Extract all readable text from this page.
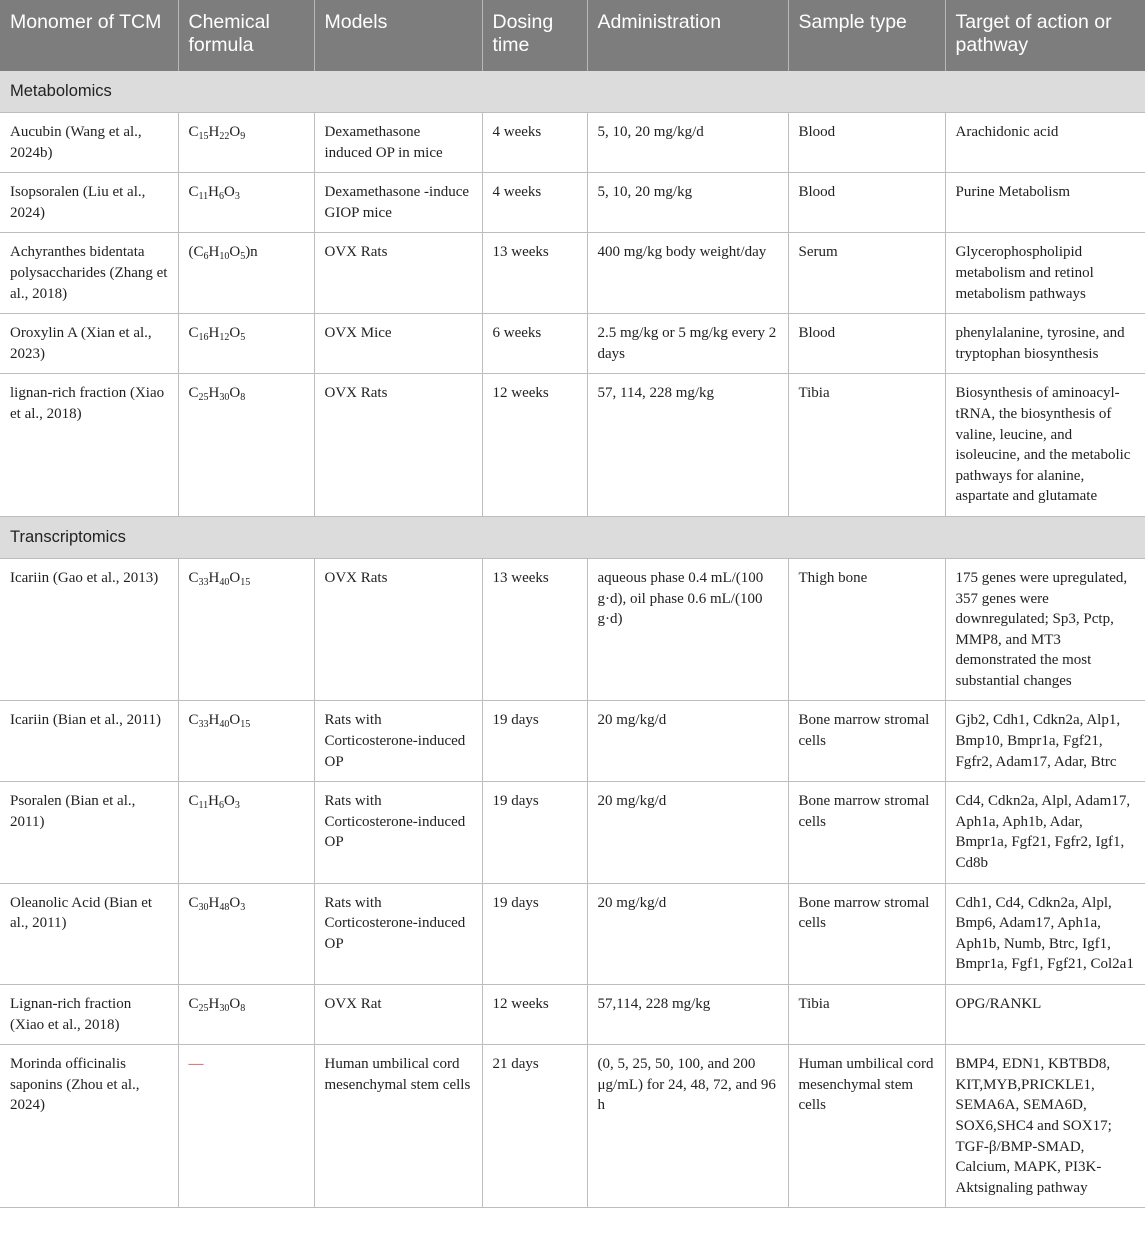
Monomer of TCM	Chemical formula	Models	Dosing time	Administration	Sample type	Target of action or pathway
Metabolomics						
Aucubin (Wang et al., 2024b)	$C_{15}H_{22}O_9$	Dexamethasone induced OP in mice	4 weeks	5, 10, 20 mg/kg/d	Blood	Arachidonic acid
Isopsoralen (Liu et al., 2024)	$C_{11}H_6O_3$	Dexamethasone -induce GIOP mice	4 weeks	5, 10, 20 mg/kg	Blood	Purine Metabolism
Achyranthes bidentata polysaccharides (Zhang et al., 2018)	$(C_6H_{10}O_5)n$	OVX Rats	13 weeks	400 mg/kg body weight/day	Serum	Glycerophospholipid metabolism and retinol metabolism pathways
Oroxylin A (Xian et al., 2023)	$C_{16}H_{12}O_5$	OVX Mice	6 weeks	2.5 mg/kg or 5 mg/kg every 2 days	Blood	phenylalanine, tyrosine, and tryptophan biosynthesis
lignan-rich fraction (Xiao et al., 2018)	$C_{25}H_{30}O_8$	OVX Rats	12 weeks	57, 114, 228 mg/kg	Tibia	Biosynthesis of aminoacyl-tRNA, the biosynthesis of valine, leucine, and isoleucine, and the metabolic pathways for alanine, aspartate and glutamate
Transcriptomics						
Icariin (Gao et al., 2013)	$C_{33}H_{40}O_{15}$	OVX Rats	13 weeks	aqueous phase 0.4 mL/(100 g·d), oil phase 0.6 mL/(100 g·d)	Thigh bone	175 genes were upregulated, 357 genes were downregulated; Sp3, Pctp, MMP8, and MT3 demonstrated the most substantial changes
Icariin (Bian et al., 2011)	$C_{33}H_{40}O_{15}$	Rats with Corticosterone-induced OP	19 days	20 mg/kg/d	Bone marrow stromal cells	Gjb2, Cdh1, Cdkn2a, Alp1, Bmp10, Bmpr1a, Fgf21, Fgfr2, Adam17, Adar, Btrc
Psoralen (Bian et al., 2011)	$C_{11}H_6O_3$	Rats with Corticosterone-induced OP	19 days	20 mg/kg/d	Bone marrow stromal cells	Cd4, Cdkn2a, Alpl, Adam17, Aph1a, Aph1b, Adar, Bmpr1a, Fgf21, Fgfr2, Igf1, Cd8b
Oleanolic Acid (Bian et al., 2011)	$C_{30}H_{48}O_3$	Rats with Corticosterone-induced OP	19 days	20 mg/kg/d	Bone marrow stromal cells	Cdh1, Cd4, Cdkn2a, Alpl, Bmp6, Adam17, Aph1a, Aph1b, Numb, Btrc, Igf1, Bmpr1a, Fgf1, Fgf21, Col2a1
Lignan-rich fraction (Xiao et al., 2018)	$C_{25}H_{30}O_8$	OVX Rat	12 weeks	57,114, 228 mg/kg	Tibia	OPG/RANKL
Morinda officinalis saponins (Zhou et al., 2024)	—	Human umbilical cord mesenchymal stem cells	21 days	(0, 5, 25, 50, 100, and 200 μg/mL) for 24, 48, 72, and 96 h	Human umbilical cord mesenchymal stem cells	BMP4, EDN1, KBTBD8, KIT,MYB,PRICKLE1, SEMA6A, SEMA6D, SOX6,SHC4 and SOX17; TGF-β/BMP-SMAD, Calcium, MAPK, PI3K-Aktsignaling pathway
